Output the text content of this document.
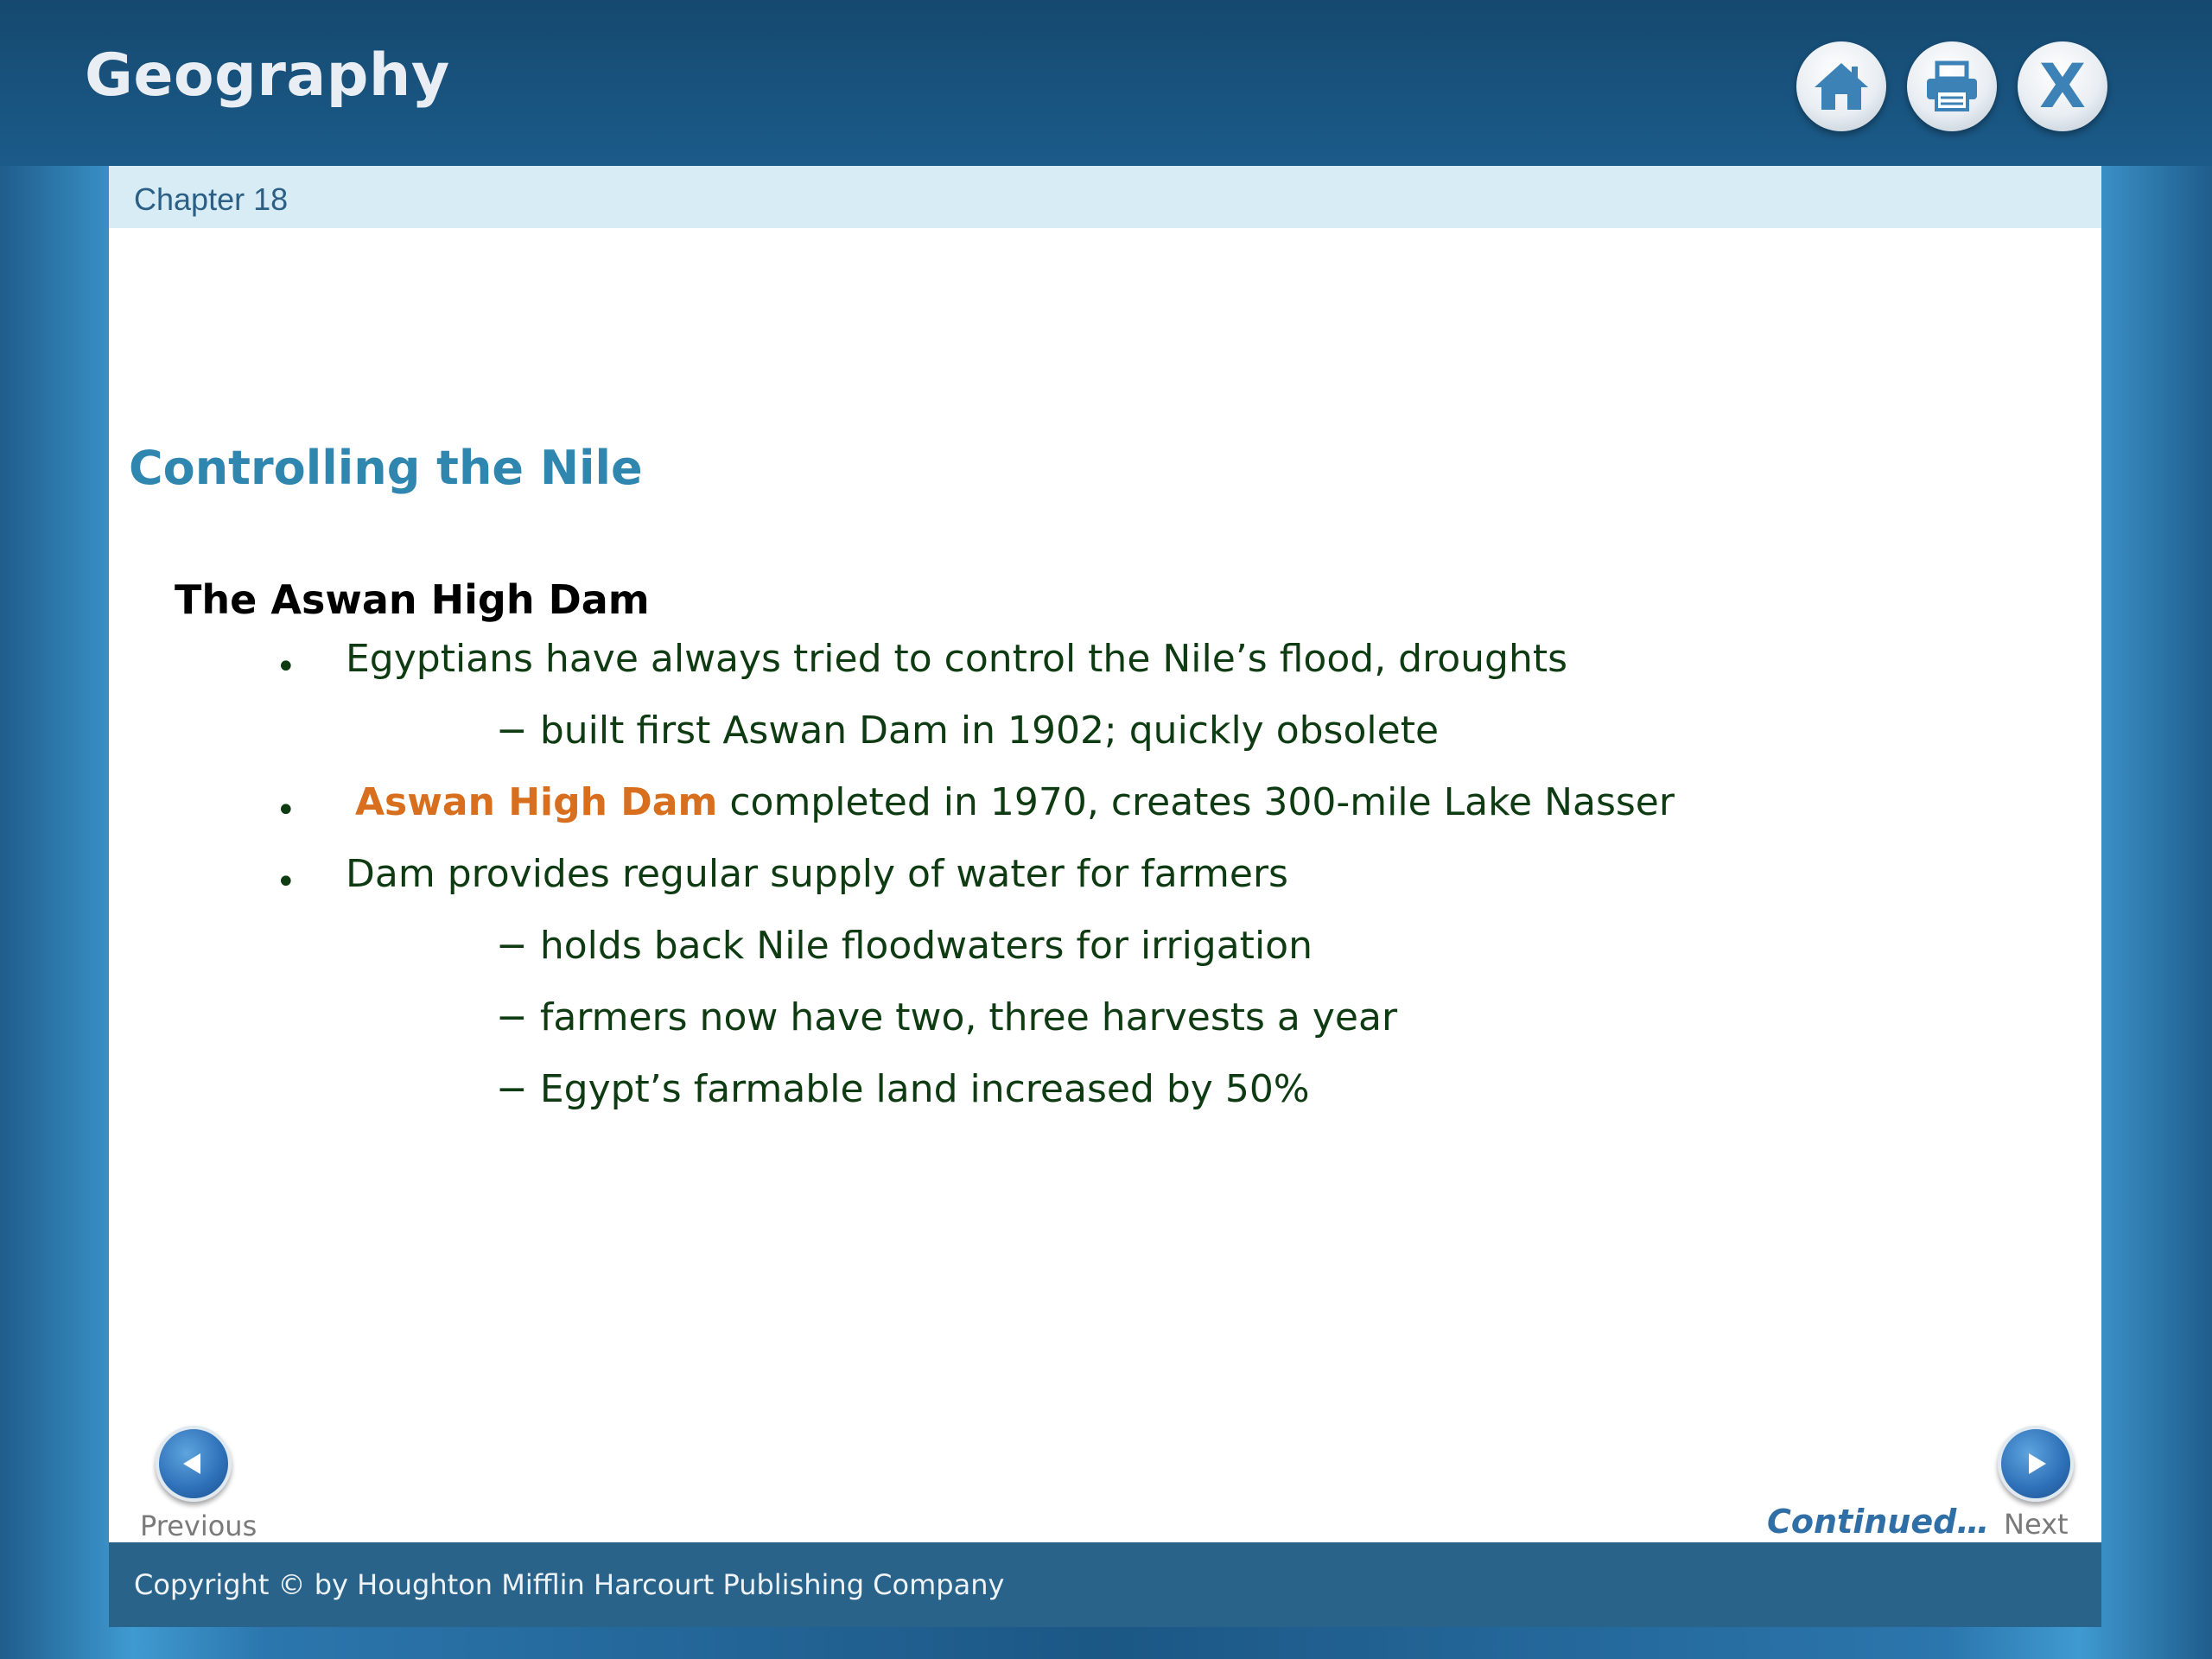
Geography	X
Chapter 18
Controlling the Nile
The Aswan High Dam
• Egyptians have always tried to control the Nile’s flood, droughts
− built first Aswan Dam in 1902; quickly obsolete
• Aswan High Dam completed in 1970, creates 300-mile Lake Nasser
• Dam provides regular supply of water for farmers
− holds back Nile floodwaters for irrigation
− farmers now have two, three harvests a year
− Egypt’s farmable land increased by 50%
Previous	Continued… Next
Copyright © by Houghton Mifflin Harcourt Publishing Company
